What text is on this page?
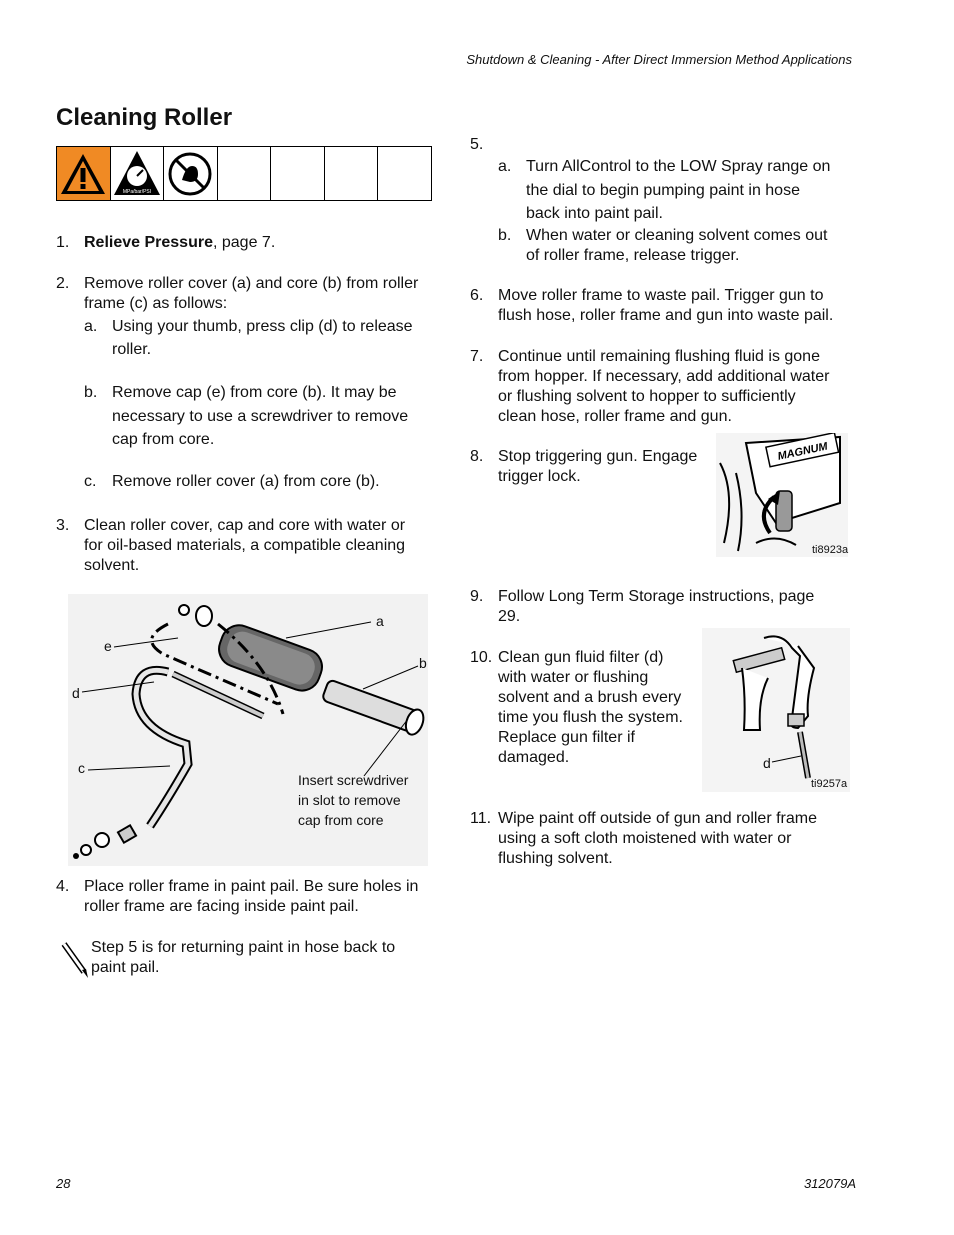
Shutdown & Cleaning - After Direct Immersion Method Applications
Cleaning Roller
MPa/bar/PSI
1. Relieve Pressure, page 7.
2. Remove roller cover (a) and core (b) from roller
frame (c) as follows:
a. Using your thumb, press clip (d) to release
roller.
b. Remove cap (e) from core (b). It may be
necessary to use a screwdriver to remove
cap from core.
c. Remove roller cover (a) from core (b).
3. Clean roller cover, cap and core with water or
for oil-based materials, a compatible cleaning
solvent.
a
b
e
d
c
Insert screwdriver
in slot to remove
cap from core
4. Place roller frame in paint pail. Be sure holes in
roller frame are facing inside paint pail.
Step 5 is for returning paint in hose back to
paint pail.
5.
a. Turn AllControl to the LOW Spray range on
the dial to begin pumping paint in hose
back into paint pail.
b. When water or cleaning solvent comes out
of roller frame, release trigger.
6. Move roller frame to waste pail. Trigger gun to
flush hose, roller frame and gun into waste pail.
7. Continue until remaining flushing fluid is gone
from hopper. If necessary, add additional water
or flushing solvent to hopper to sufficiently
clean hose, roller frame and gun.
8. Stop triggering gun. Engage
trigger lock.
MAGNUM
ti8923a
9. Follow Long Term Storage instructions, page
29.
10. Clean gun fluid filter (d)
with water or flushing
solvent and a brush every
time you flush the system.
Replace gun filter if
damaged.	d
ti9257a
11. Wipe paint off outside of gun and roller frame
using a soft cloth moistened with water or
flushing solvent.
28	312079A
